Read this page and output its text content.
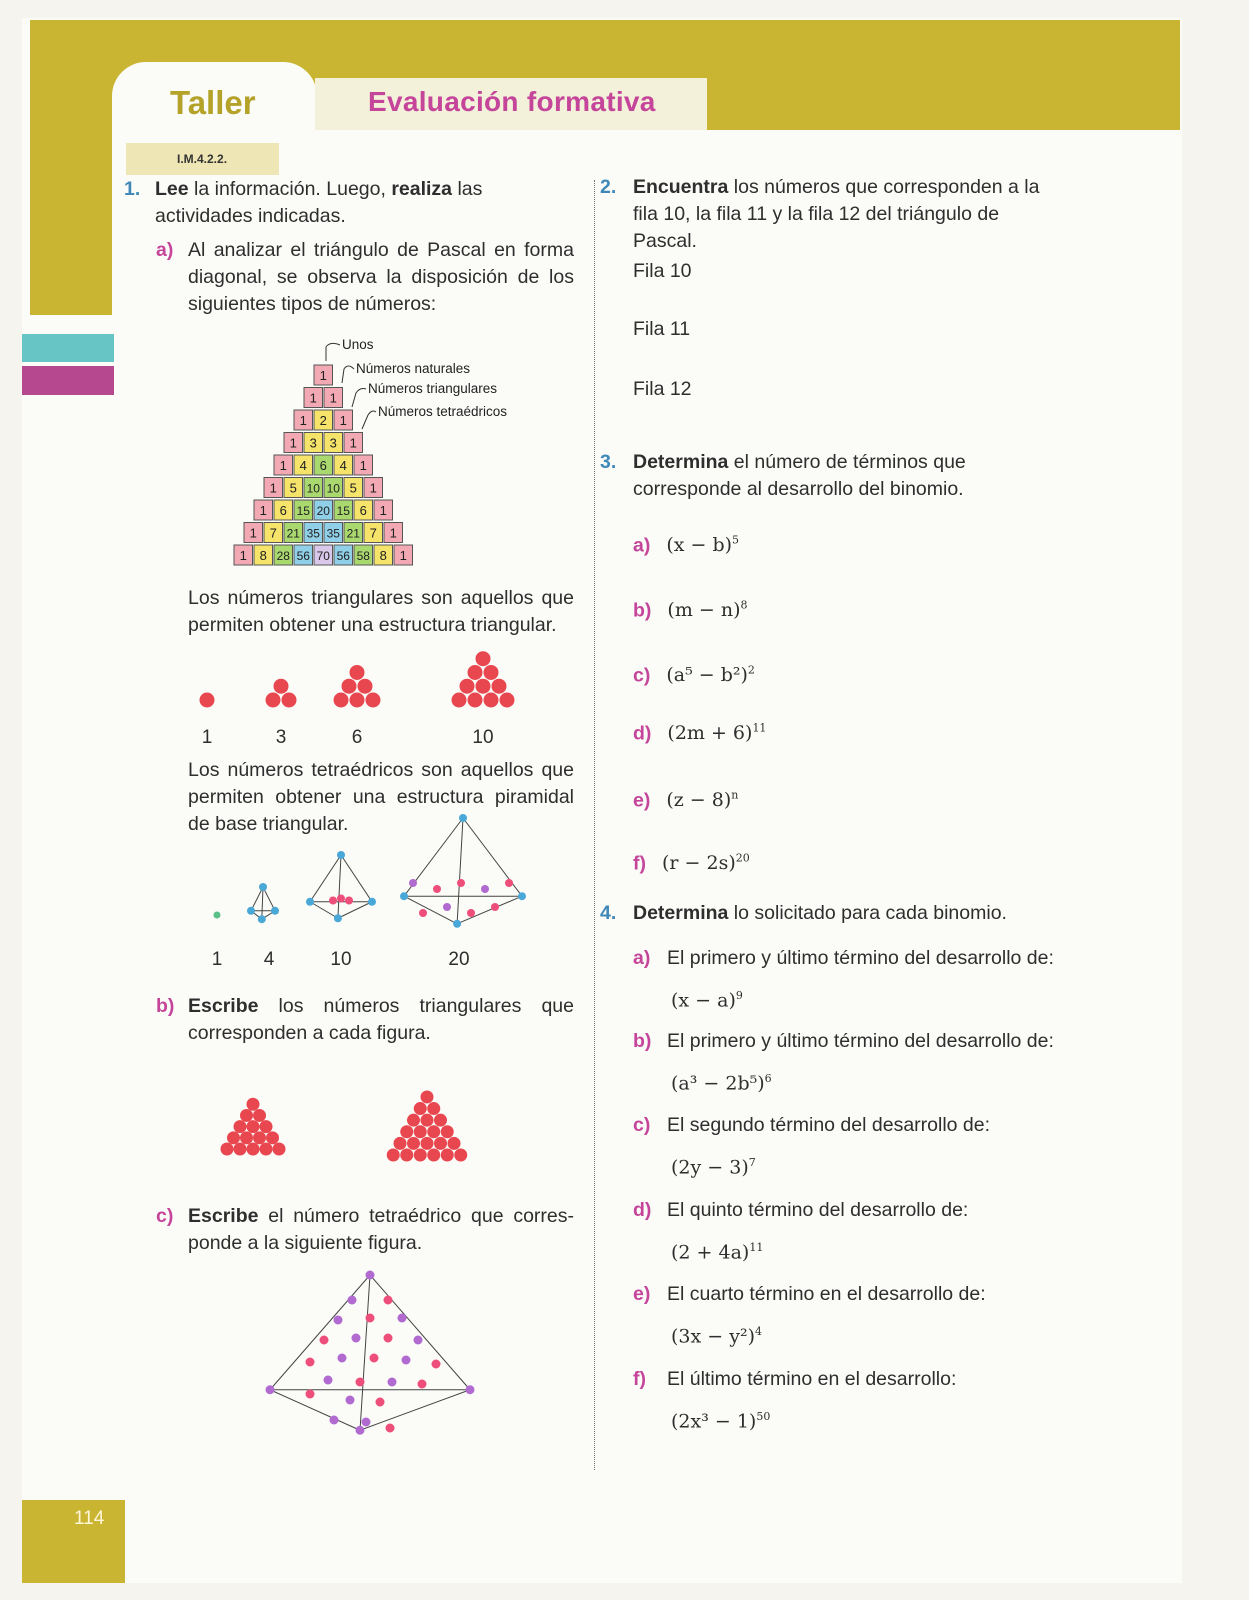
Taller	Evaluación formativa
I.M.4.2.2.
114
1. Lee la información. Luego, realiza las actividades indicadas.
a) Al analizar el triángulo de Pascal en forma diagonal, se observa la disposición de los siguientes tipos de números:
1
1 1
1 2 1
1 3 3 1
1 4 6 4 1
1 5 10 10 5 1
1 6 15 20 15 6 1
1 7 21 35 35 21 7 1
1 8 28 56 70 56 58 8 1
Unos
Números naturales
Números triangulares
Números tetraédricos
Los números triangulares son aquellos que permiten obtener una estructura triangular.
1	3	6	10
Los números tetraédricos son aquellos que permiten obtener una estructura piramidal de base triangular.
1 4	10	20
b) Escribe los números triangulares que corresponden a cada figura.
c) Escribe el número tetraédrico que corres- ponde a la siguiente figura.
2. Encuentra los números que corresponden a la fila 10, la fila 11 y la fila 12 del triángulo de Pascal.
Fila 10
Fila 11
Fila 12
3. Determina el número de términos que corresponde al desarrollo del binomio.
a) $(x - b)^5$
b) $(m - n)^8$
c) $(a^5 - b^2)^2$
d) $(2m + 6)^{11}$
e) $(z - 8)^n$
f) $(r - 2s)^{20}$
4. Determina lo solicitado para cada binomio.
a) El primero y último término del desarrollo de:
$(x - a)^9$
b) El primero y último término del desarrollo de:
$(a^3 - 2b^5)^6$
c) El segundo término del desarrollo de:
$(2y - 3)^7$
d) El quinto término del desarrollo de:
$(2 + 4a)^{11}$
e) El cuarto término en el desarrollo de:
$(3x - y^2)^4$
f) El último término en el desarrollo:
$(2x^3 - 1)^{50}$
